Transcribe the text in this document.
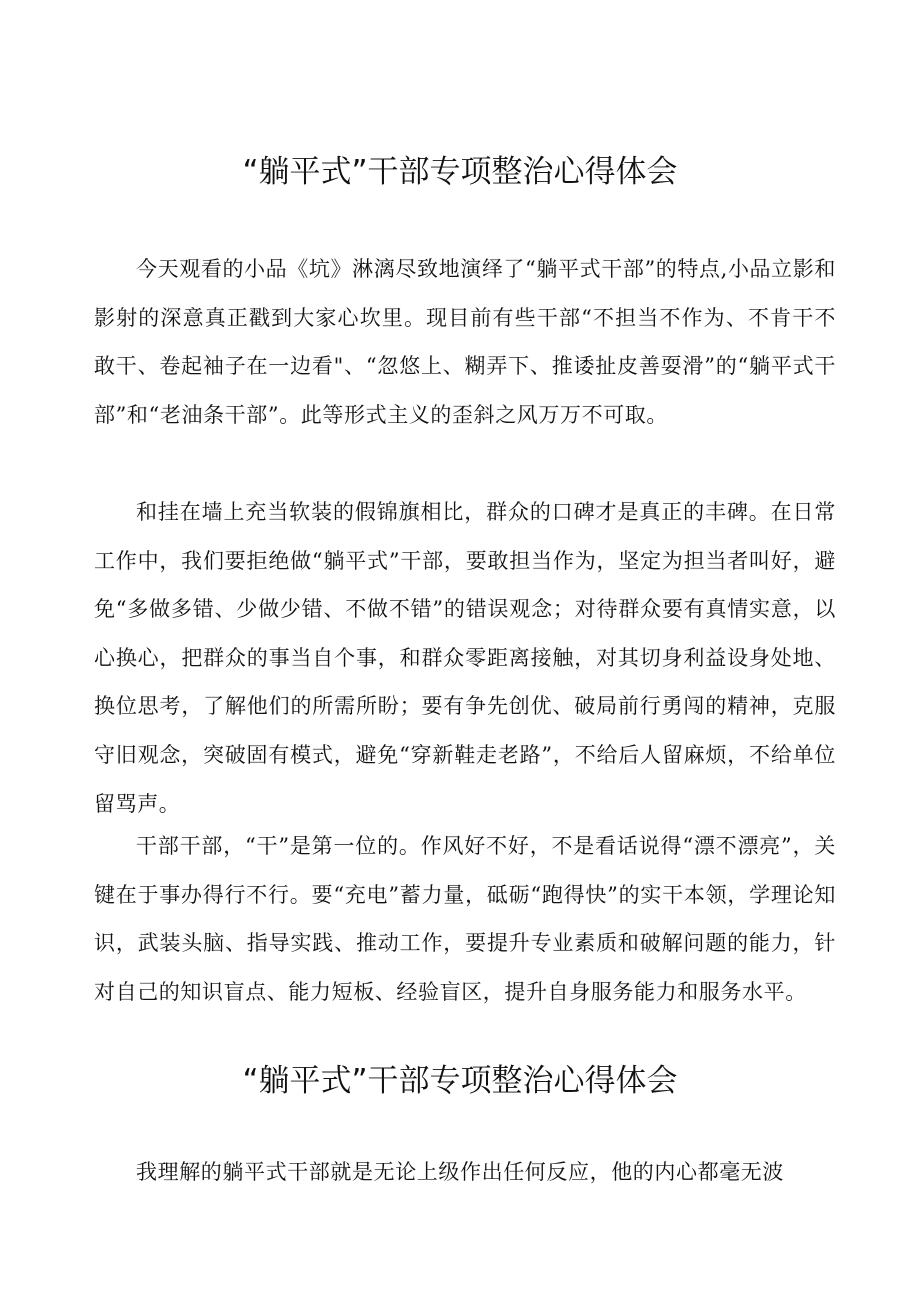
“躺平式”干部专项整治心得体会

今天观看的小品《坑》淋漓尽致地演绎了“躺平式干部”的特点,小品立影和影射的深意真正戳到大家心坎里。现目前有些干部“不担当不作为、不肯干不敢干、卷起袖子在一边看"、“忽悠上、糊弄下、推诿扯皮善耍滑”的“躺平式干部”和“老油条干部”。此等形式主义的歪斜之风万万不可取。

和挂在墙上充当软装的假锦旗相比，群众的口碑才是真正的丰碑。在日常工作中，我们要拒绝做“躺平式”干部，要敢担当作为，坚定为担当者叫好，避免“多做多错、少做少错、不做不错”的错误观念；对待群众要有真情实意，以心换心，把群众的事当自个事，和群众零距离接触，对其切身利益设身处地、换位思考，了解他们的所需所盼；要有争先创优、破局前行勇闯的精神，克服守旧观念，突破固有模式，避免“穿新鞋走老路”，不给后人留麻烦，不给单位留骂声。

干部干部，“干”是第一位的。作风好不好，不是看话说得“漂不漂亮”，关键在于事办得行不行。要“充电”蓄力量，砥砺“跑得快”的实干本领，学理论知识，武装头脑、指导实践、推动工作，要提升专业素质和破解问题的能力，针对自己的知识盲点、能力短板、经验盲区，提升自身服务能力和服务水平。

“躺平式”干部专项整治心得体会

我理解的躺平式干部就是无论上级作出任何反应，他的内心都毫无波
